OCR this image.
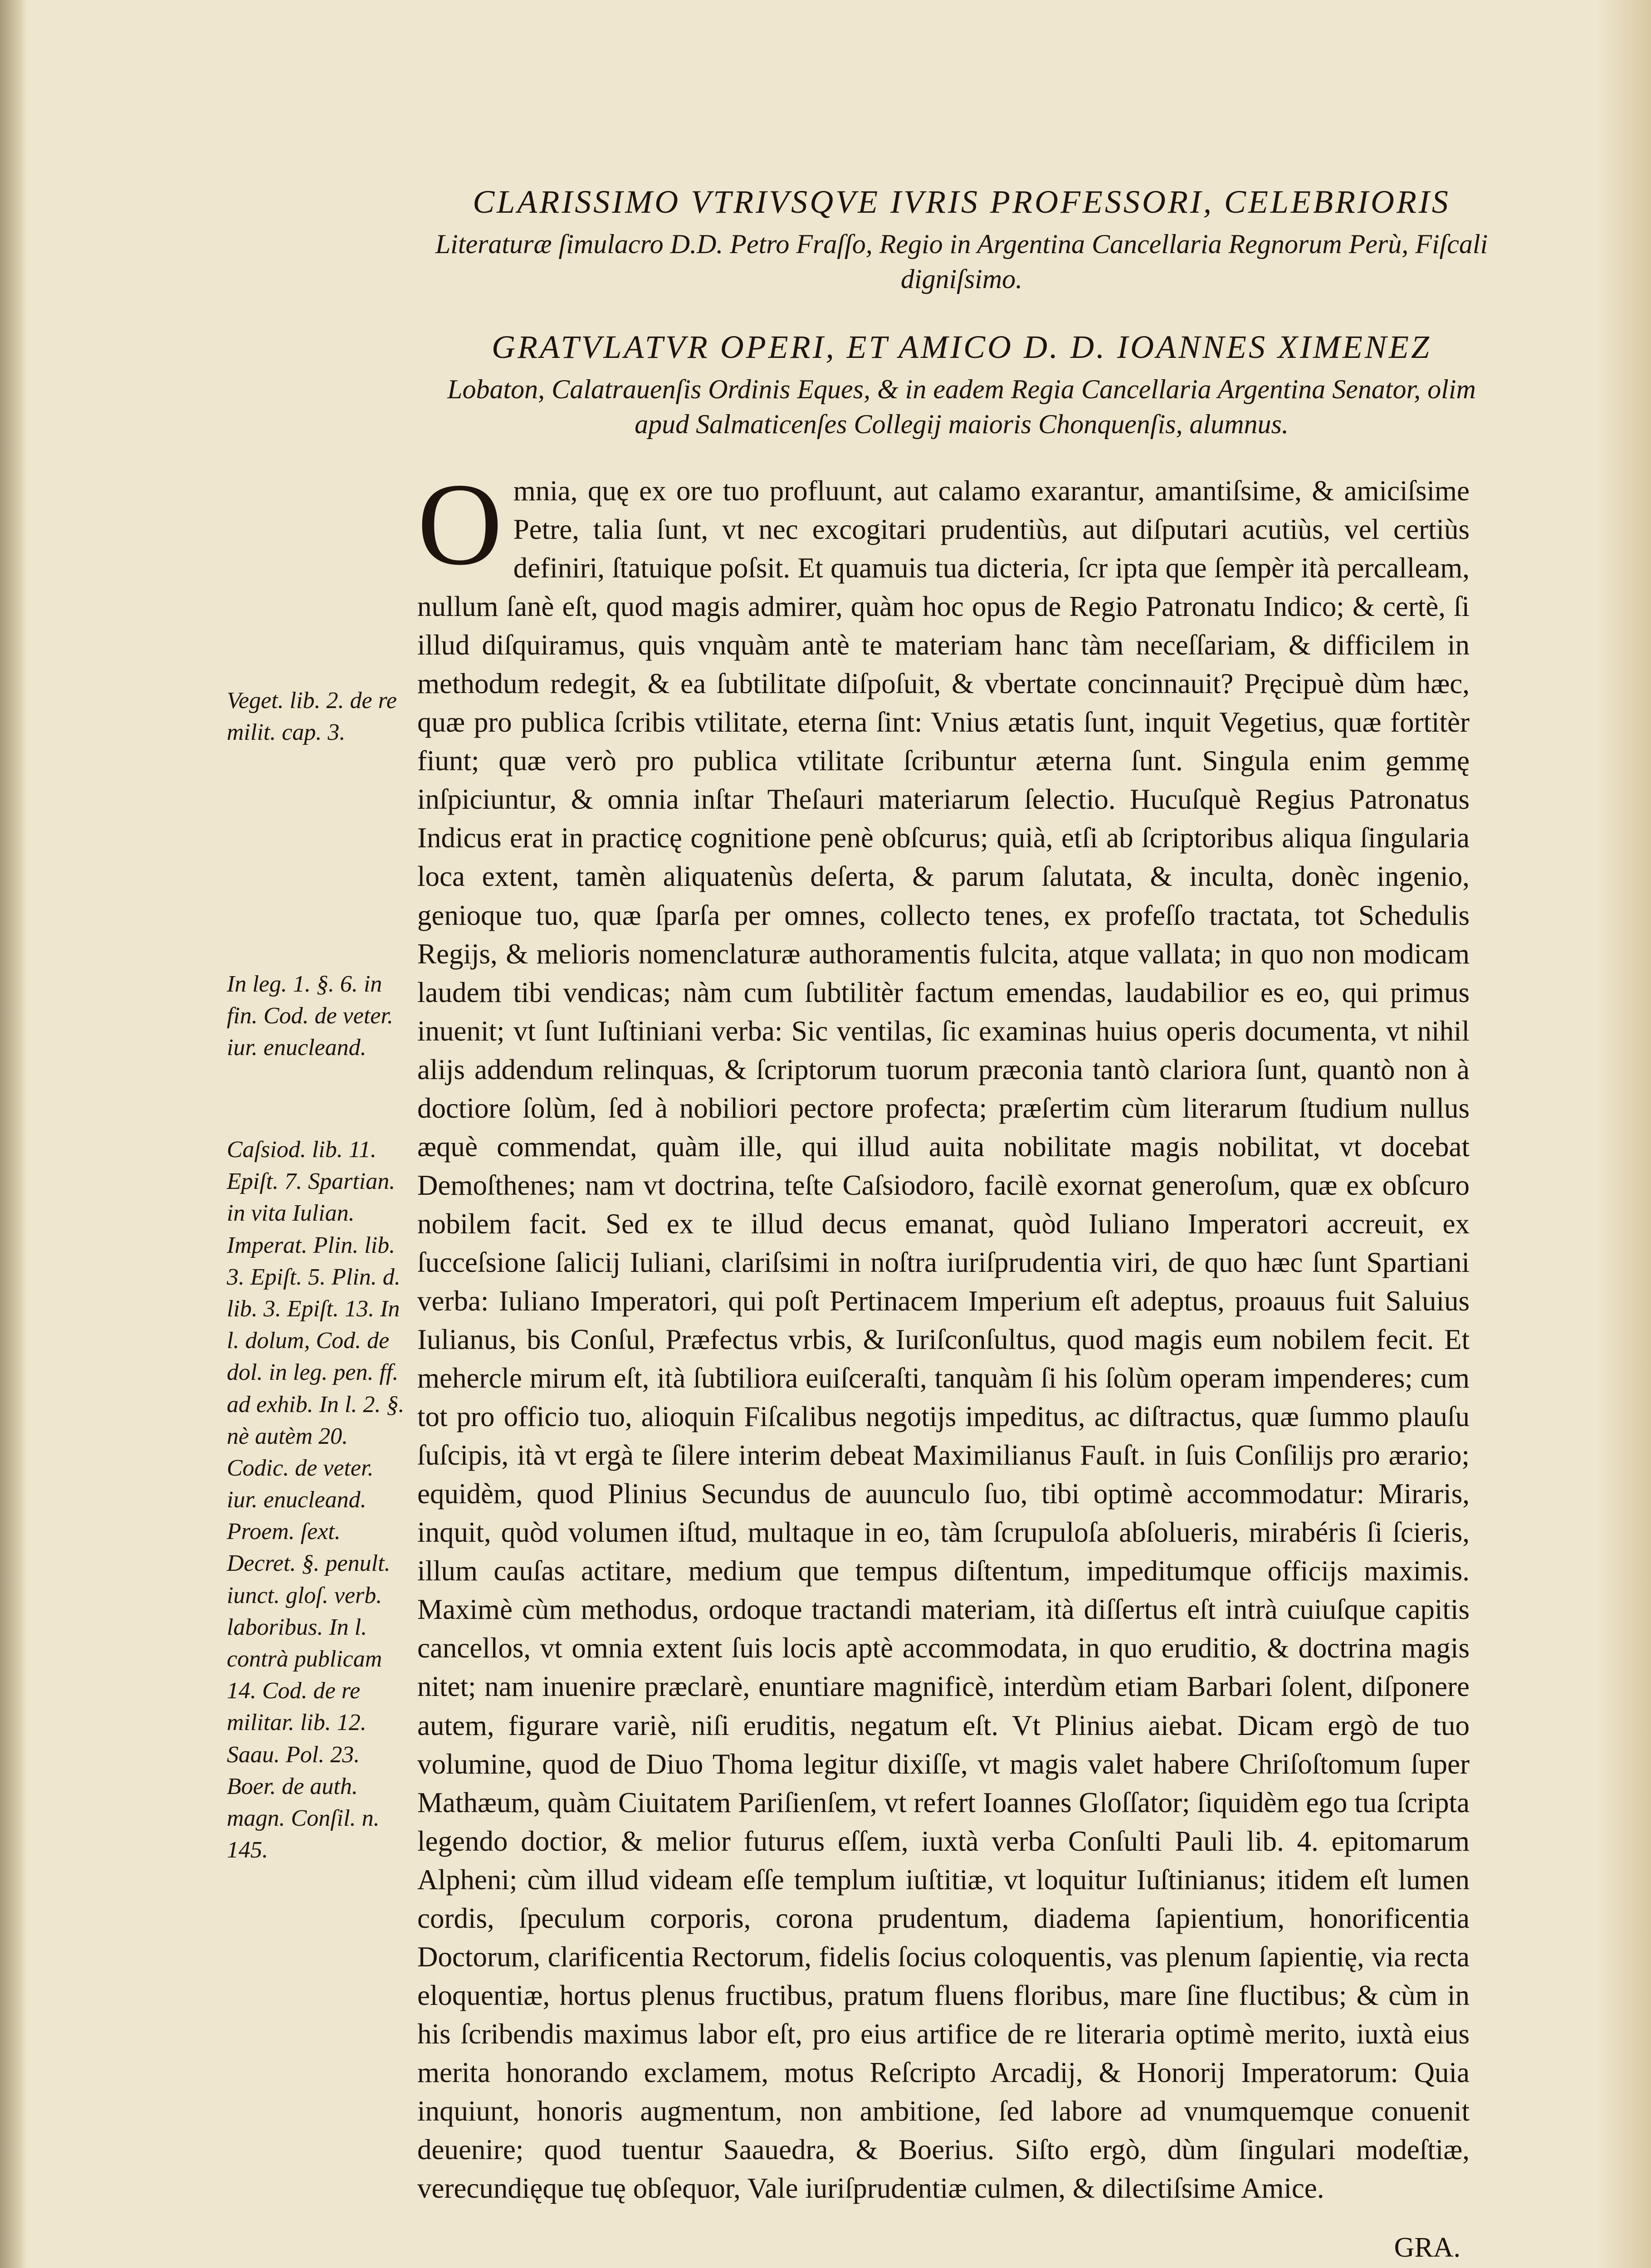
CLARISSIMO VTRIVSQVE IVRIS PROFESSORI, CELEBRIORIS

Literaturæ ſimulacro D.D. Petro Fraſſo, Regio in Argentina Cancellaria Regnorum Perù, Fiſcali digniſsimo.

GRATVLATVR OPERI, ET AMICO D. D. IOANNES XIMENEZ

Lobaton, Calatrauenſis Ordinis Eques, & in eadem Regia Cancellaria Argentina Senator, olim apud Salmaticenſes Collegij maioris Chonquenſis, alumnus.

O mnia, quę ex ore tuo profluunt, aut calamo exarantur, amantiſsime, & amiciſsime Petre, talia ſunt, vt nec excogitari prudentiùs, aut diſputari acutiùs, vel certiùs definiri, ſtatuique poſsit. Et quamuis tua dicteria, ſcr ipta que ſempèr ità percalleam, nullum ſanè eſt, quod magis admirer, quàm hoc opus de Regio Patronatu Indico; & certè, ſi illud diſquiramus, quis vnquàm antè te materiam hanc tàm neceſſariam, & difficilem in methodum redegit, & ea ſubtilitate diſpoſuit, & vbertate concinnauit? Pręcipuè dùm hæc, quæ pro publica ſcribis vtilitate, eterna ſint: Vnius ætatis ſunt, inquit Vegetius, quæ fortitèr fiunt; quæ verò pro publica vtilitate ſcribuntur æterna ſunt. Singula enim gemmę inſpiciuntur, & omnia inſtar Theſauri materiarum ſelectio. Hucuſquè Regius Patronatus Indicus erat in practicę cognitione penè obſcurus; quià, etſi ab ſcriptoribus aliqua ſingularia loca extent, tamèn aliquatenùs deſerta, & parum ſalutata, & inculta, donèc ingenio, genioque tuo, quæ ſparſa per omnes, collecto tenes, ex profeſſo tractata, tot Schedulis Regijs, & melioris nomenclaturæ authoramentis fulcita, atque vallata; in quo non modicam laudem tibi vendicas; nàm cum ſubtilitèr factum emendas, laudabilior es eo, qui primus inuenit; vt ſunt Iuſtiniani verba: Sic ventilas, ſic examinas huius operis documenta, vt nihil alijs addendum relinquas, & ſcriptorum tuorum præconia tantò clariora ſunt, quantò non à doctiore ſolùm, ſed à nobiliori pectore profecta; præſertim cùm literarum ſtudium nullus æquè commendat, quàm ille, qui illud auita nobilitate magis nobilitat, vt docebat Demoſthenes; nam vt doctrina, teſte Caſsiodoro, facilè exornat generoſum, quæ ex obſcuro nobilem facit. Sed ex te illud decus emanat, quòd Iuliano Imperatori accreuit, ex ſucceſsione ſalicij Iuliani, clariſsimi in noſtra iuriſprudentia viri, de quo hæc ſunt Spartiani verba: Iuliano Imperatori, qui poſt Pertinacem Imperium eſt adeptus, proauus fuit Saluius Iulianus, bis Conſul, Præfectus vrbis, & Iuriſconſultus, quod magis eum nobilem fecit. Et mehercle mirum eſt, ità ſubtiliora euiſceraſti, tanquàm ſi his ſolùm operam impenderes; cum tot pro officio tuo, alioquin Fiſcalibus negotijs impeditus, ac diſtractus, quæ ſummo plauſu ſuſcipis, ità vt ergà te ſilere interim debeat Maximilianus Fauſt. in ſuis Conſilijs pro ærario; equidèm, quod Plinius Secundus de auunculo ſuo, tibi optimè accommodatur: Miraris, inquit, quòd volumen iſtud, multaque in eo, tàm ſcrupuloſa abſolueris, mirabéris ſi ſcieris, illum cauſas actitare, medium que tempus diſtentum, impeditumque officijs maximis. Maximè cùm methodus, ordoque tractandi materiam, ità diſſertus eſt intrà cuiuſque capitis cancellos, vt omnia extent ſuis locis aptè accommodata, in quo eruditio, & doctrina magis nitet; nam inuenire præclarè, enuntiare magnificè, interdùm etiam Barbari ſolent, diſponere autem, figurare variè, niſi eruditis, negatum eſt. Vt Plinius aiebat. Dicam ergò de tuo volumine, quod de Diuo Thoma legitur dixiſſe, vt magis valet habere Chriſoſtomum ſuper Mathæum, quàm Ciuitatem Pariſienſem, vt refert Ioannes Gloſſator; ſiquidèm ego tua ſcripta legendo doctior, & melior futurus eſſem, iuxtà verba Conſulti Pauli lib. 4. epitomarum Alpheni; cùm illud videam eſſe templum iuſtitiæ, vt loquitur Iuſtinianus; itidem eſt lumen cordis, ſpeculum corporis, corona prudentum, diadema ſapientium, honorificentia Doctorum, clarificentia Rectorum, fidelis ſocius coloquentis, vas plenum ſapientię, via recta eloquentiæ, hortus plenus fructibus, pratum fluens floribus, mare ſine fluctibus; & cùm in his ſcribendis maximus labor eſt, pro eius artifice de re literaria optimè merito, iuxtà eius merita honorando exclamem, motus Reſcripto Arcadij, & Honorij Imperatorum: Quia inquiunt, honoris augmentum, non ambitione, ſed labore ad vnumquemque conuenit deuenire; quod tuentur Saauedra, & Boerius. Siſto ergò, dùm ſingulari modeſtiæ, verecundięque tuę obſequor, Vale iuriſprudentiæ culmen, & dilectiſsime Amice.

Veget. lib. 2. de re milit. cap. 3.
In leg. 1. §. 6. in fin. Cod. de veter. iur. enucleand.
Caſsiod. lib. 11. Epiſt. 7. Spartian. in vita Iulian. Imperat. Plin. lib. 3. Epiſt. 5. Plin. d. lib. 3. Epiſt. 13. In l. dolum, Cod. de dol. in leg. pen. ff. ad exhib. In l. 2. §. nè autèm 20. Codic. de veter. iur. enucleand. Proem. ſext. Decret. §. penult. iunct. gloſ. verb. laboribus. In l. contrà publicam 14. Cod. de re militar. lib. 12. Saau. Pol. 23. Boer. de auth. magn. Conſil. n. 145.
GRA.
